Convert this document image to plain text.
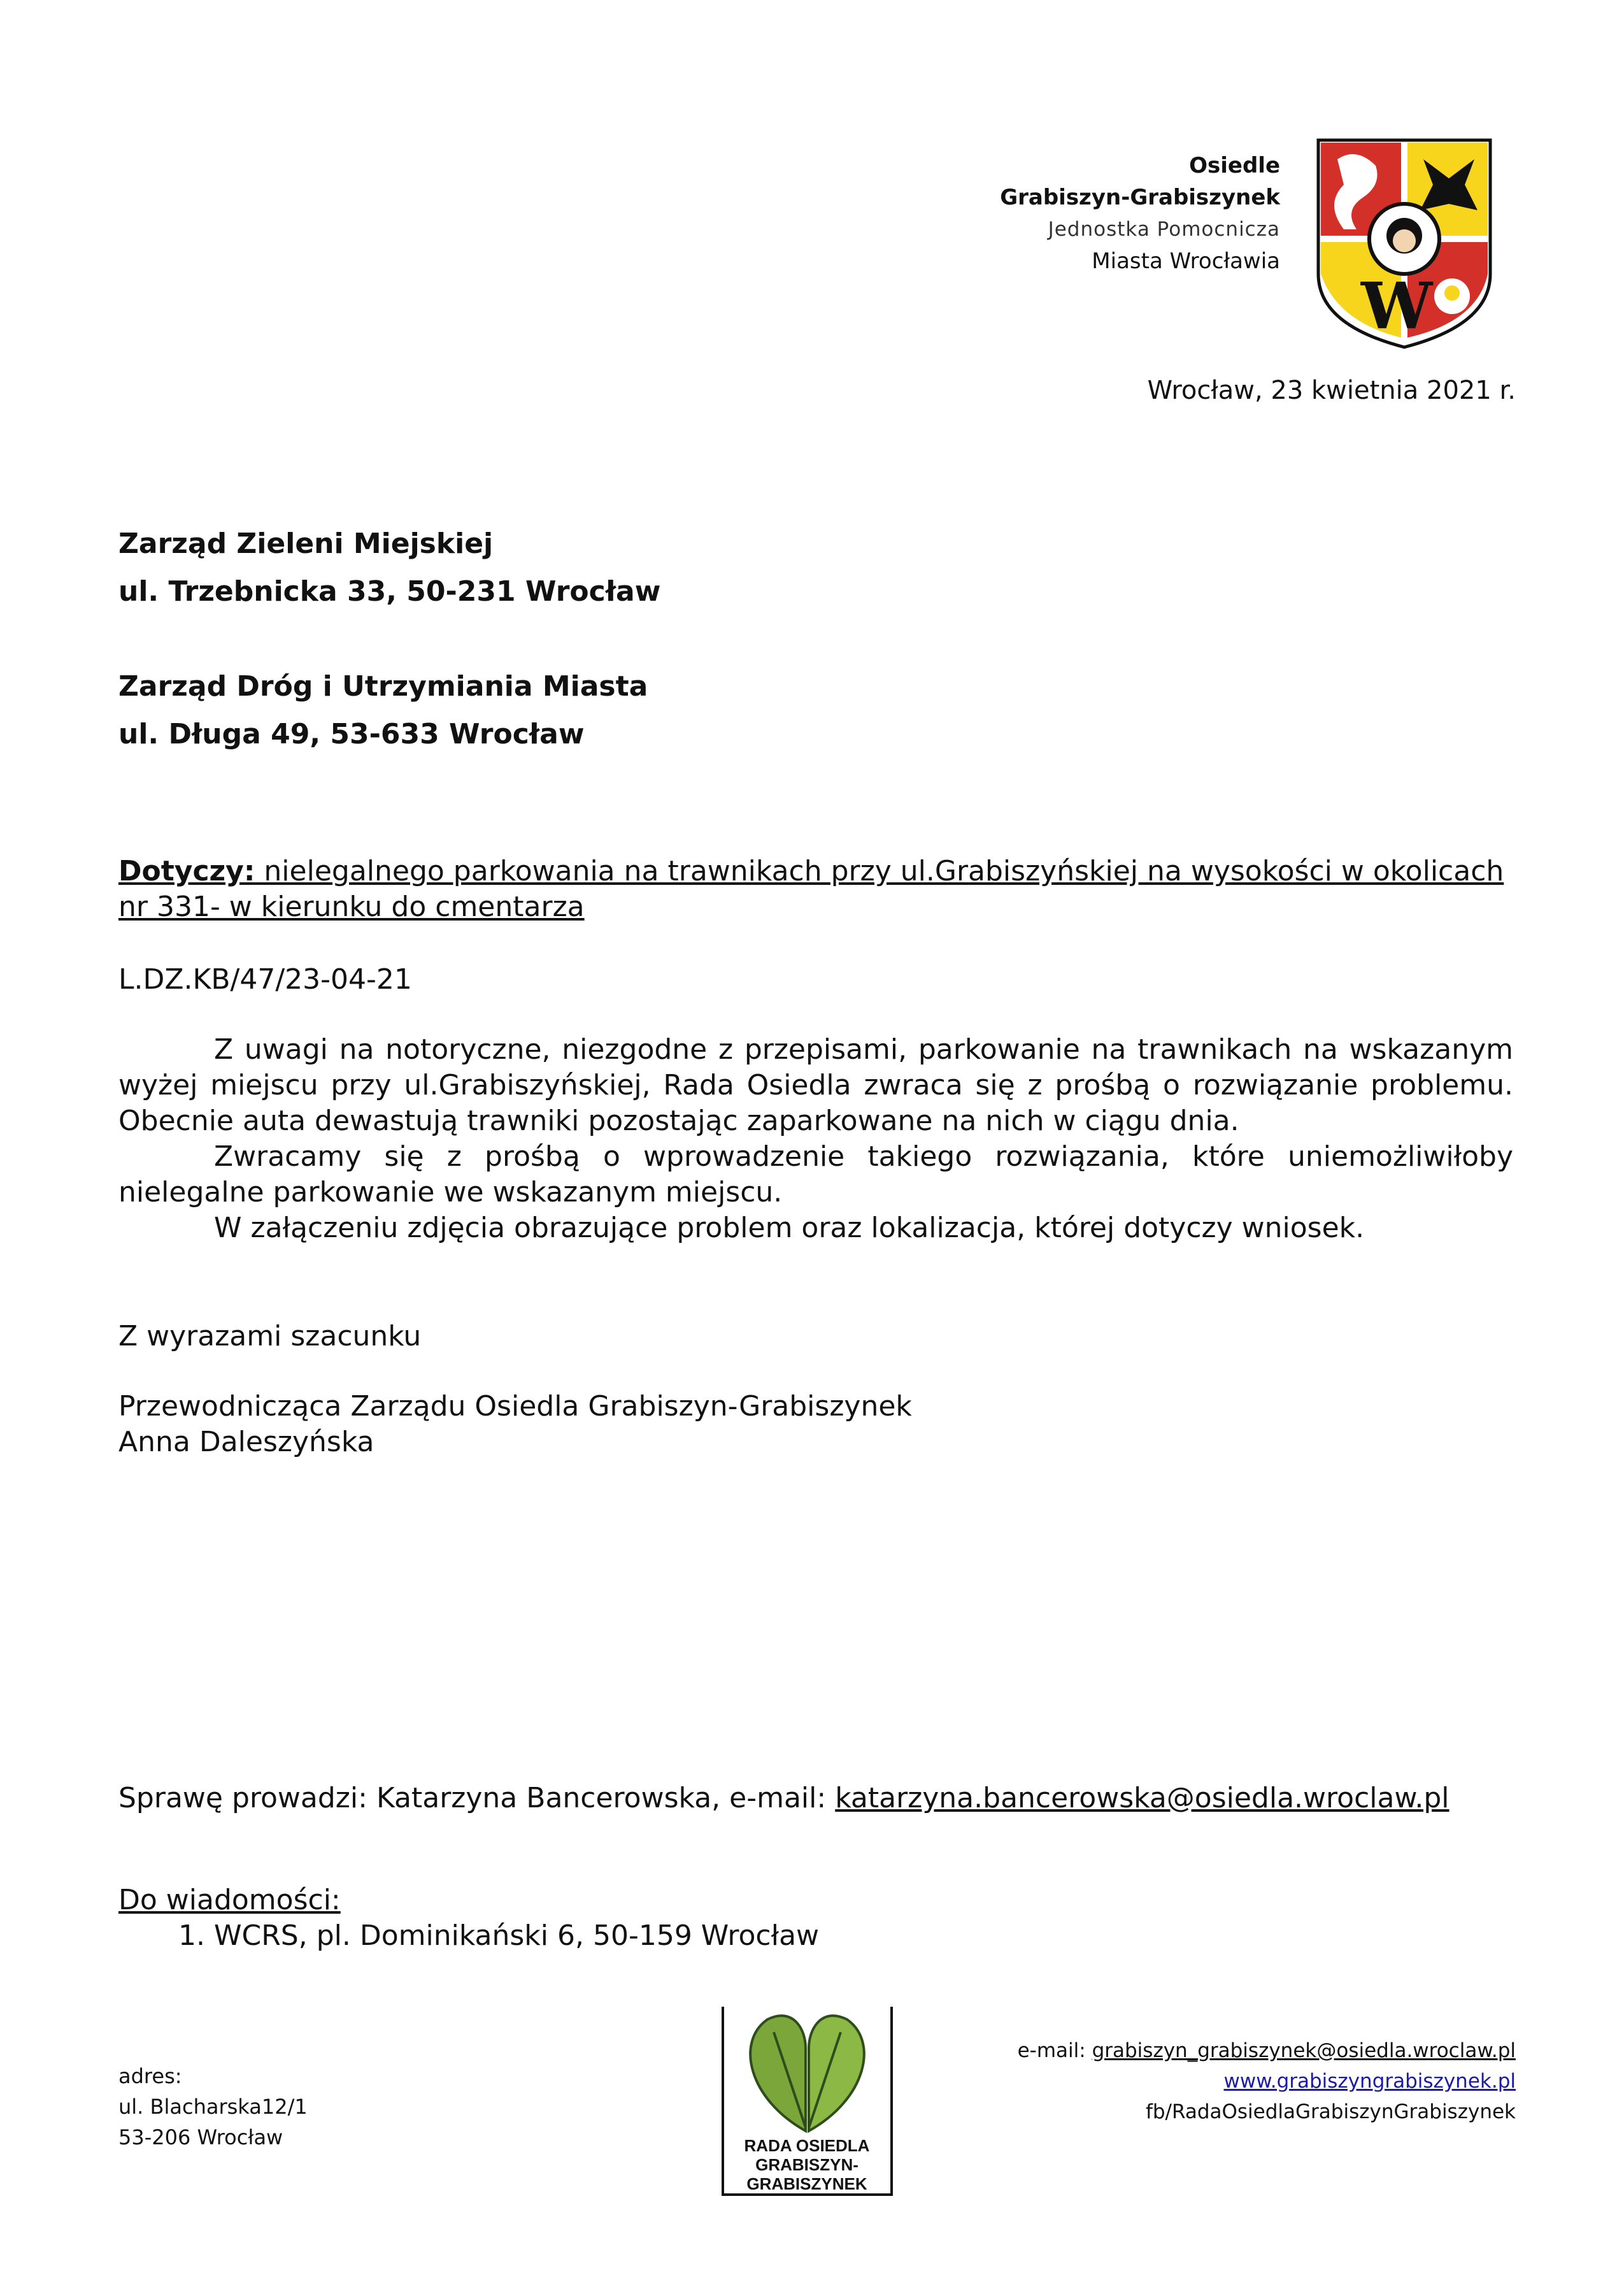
Osiedle
Grabiszyn-Grabiszynek
Jednostka Pomocnicza
Miasta Wrocławia
W
Wrocław, 23 kwietnia 2021 r.
Zarząd Zieleni Miejskiej
ul. Trzebnicka 33, 50-231 Wrocław
Zarząd Dróg i Utrzymiania Miasta
ul. Długa 49, 53-633 Wrocław
Dotyczy: nielegalnego parkowania na trawnikach przy ul.Grabiszyńskiej na wysokości w okolicach nr 331- w kierunku do cmentarza
L.DZ.KB/47/23-04-21

Z uwagi na notoryczne, niezgodne z przepisami, parkowanie na trawnikach na wskazanym wyżej miejscu przy ul.Grabiszyńskiej, Rada Osiedla zwraca się z prośbą o rozwiązanie problemu. Obecnie auta dewastują trawniki pozostając zaparkowane na nich w ciągu dnia.

Zwracamy się z prośbą o wprowadzenie takiego rozwiązania, które uniemożliwiłoby nielegalne parkowanie we wskazanym miejscu.

W załączeniu zdjęcia obrazujące problem oraz lokalizacja, której dotyczy wniosek.

Z wyrazami szacunku
Przewodnicząca Zarządu Osiedla Grabiszyn-Grabiszynek
Anna Daleszyńska
Sprawę prowadzi: Katarzyna Bancerowska, e-mail: katarzyna.bancerowska@osiedla.wroclaw.pl
Do wiadomości:
1. WCRS, pl. Dominikański 6, 50-159 Wrocław
adres:
ul. Blacharska12/1
53-206 Wrocław	RADA OSIEDLA
GRABISZYN-
GRABISZYNEK
e-mail: grabiszyn_grabiszynek@osiedla.wroclaw.pl
www.grabiszyngrabiszynek.pl
fb/RadaOsiedlaGrabiszynGrabiszynek
